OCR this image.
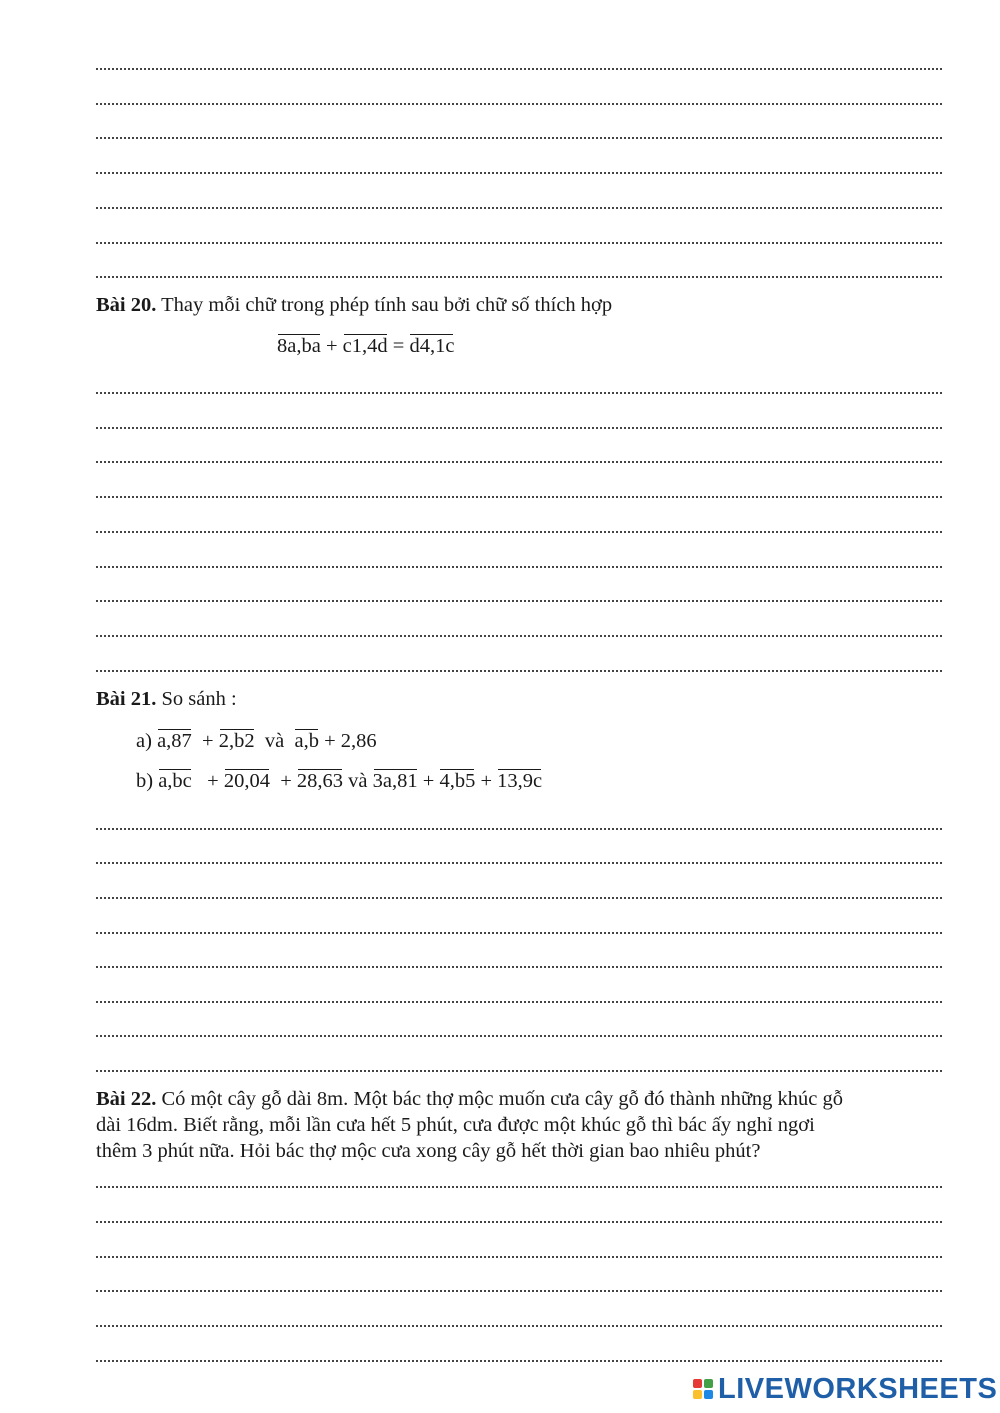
Bài 20. Thay mỗi chữ trong phép tính sau bởi chữ số thích hợp
8a,ba + c1,4d = d4,1c
Bài 21. So sánh :
a) a,87  + 2,b2  và  a,b + 2,86
b) a,bc   + 20,04  + 28,63 và 3a,81 + 4,b5 + 13,9c
Bài 22. Có một cây gỗ dài 8m. Một bác thợ mộc muốn cưa cây gỗ đó thành những khúc gỗ
dài 16dm. Biết rằng, mỗi lần cưa hết 5 phút, cưa được một khúc gỗ thì bác ấy nghỉ ngơi
thêm 3 phút nữa. Hỏi bác thợ mộc cưa xong cây gỗ hết thời gian bao nhiêu phút?
LIVEWORKSHEETS
